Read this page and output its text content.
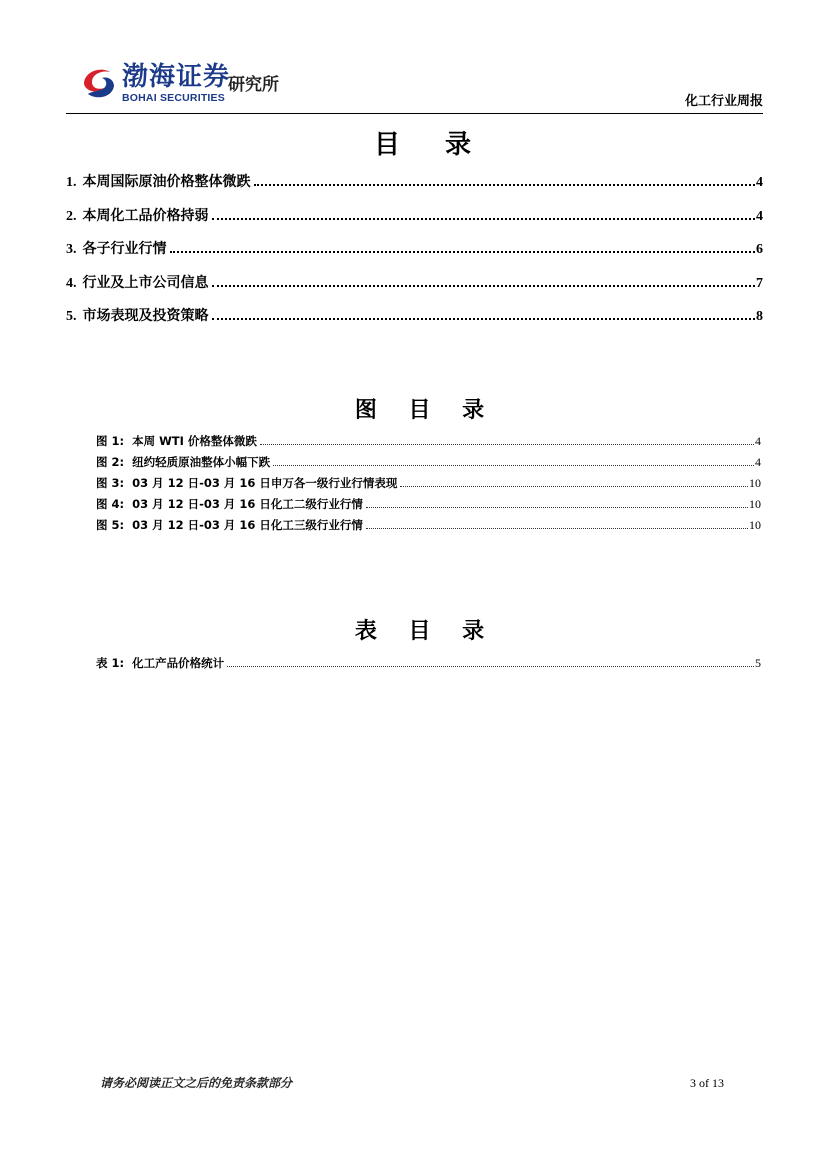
渤海证券
BOHAI SECURITIES
研究所
化工行业周报
目 录
1. 本周国际原油价格整体微跌	4
2. 本周化工品价格持弱	4
3. 各子行业行情	6
4. 行业及上市公司信息	7
5. 市场表现及投资策略	8
图 目 录
图 1: 本周 WTI 价格整体微跌	4
图 2: 纽约轻质原油整体小幅下跌	4
图 3: 03 月 12 日-03 月 16 日申万各一级行业行情表现	10
图 4: 03 月 12 日-03 月 16 日化工二级行业行情	10
图 5: 03 月 12 日-03 月 16 日化工三级行业行情	10
表 目 录
表 1: 化工产品价格统计	5
请务必阅读正文之后的免责条款部分	3 of 13
